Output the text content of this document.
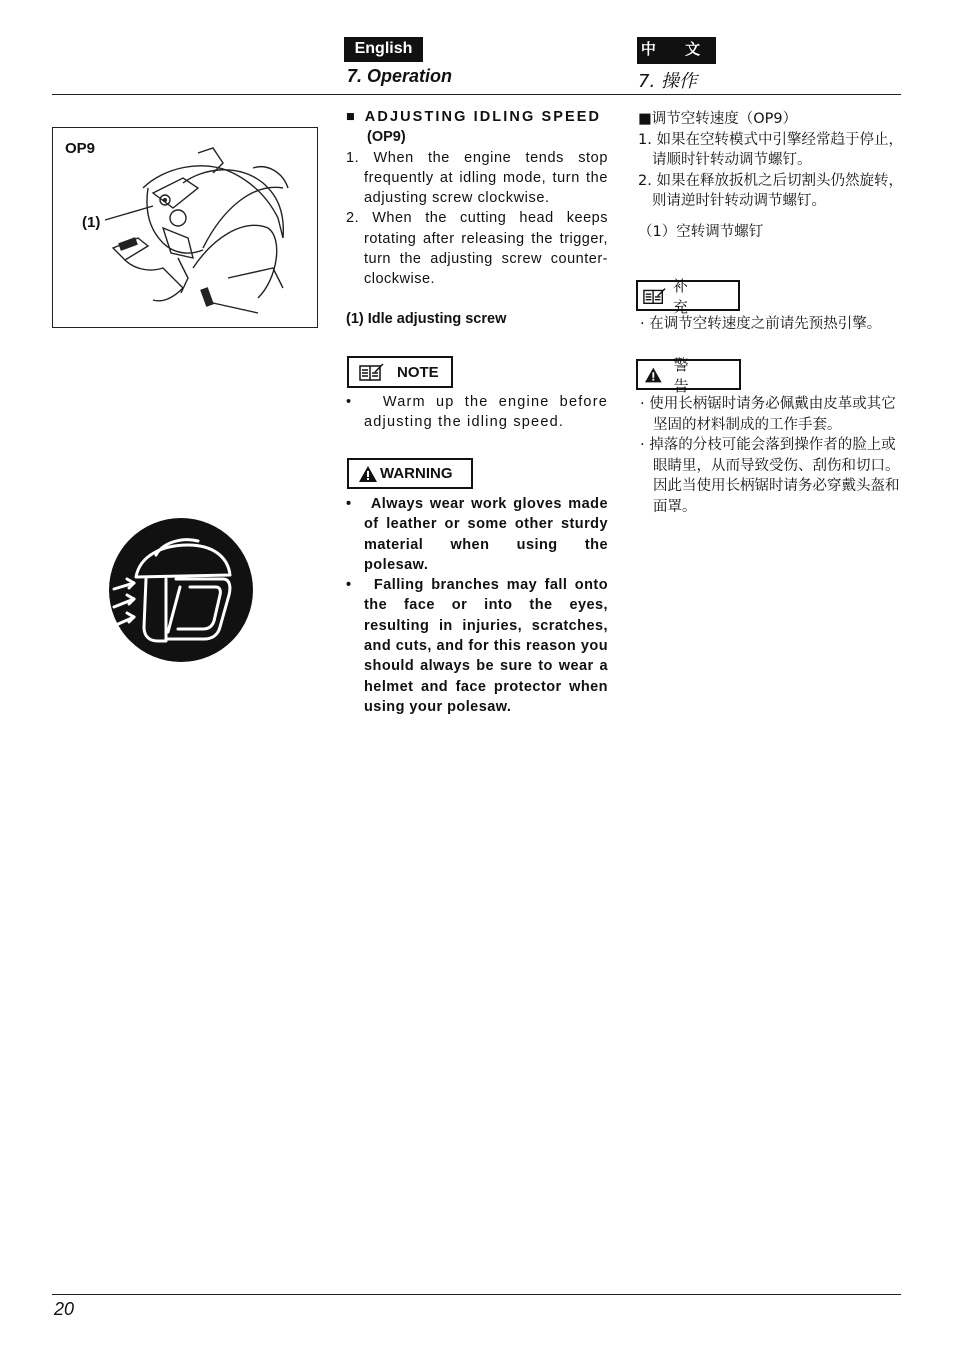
English
7. Operation
中 文
7. 操作
OP9
(1)
■ ADJUSTING IDLING SPEED
(OP9)

1. When the engine tends stop frequently at idling mode, turn the adjusting screw clockwise.

2. When the cutting head keeps rotating after releasing the trigger, turn the adjusting screw counter-clockwise.

(1) Idle adjusting screw
NOTE

•   Warm up the engine before adjusting the idling speed.

WARNING

•   Always wear work gloves made of leather or some other sturdy material when using the polesaw.

•   Falling branches may fall onto the face or into the eyes, resulting in injuries, scratches, and cuts, and for this reason you should always be sure to wear a helmet and face protector when using your polesaw.

■调节空转速度（OP9）

1. 如果在空转模式中引擎经常趋于停止，请顺时针转动调节螺钉。

2. 如果在释放扳机之后切割头仍然旋转， 则请逆时针转动调节螺钉。

（1）空转调节螺钉
补 充
· 在调节空转速度之前请先预热引擎。
警 告

· 使用长柄锯时请务必佩戴由皮革或其它坚固的材料制成的工作手套。

· 掉落的分枝可能会落到操作者的脸上或眼睛里，从而导致受伤、刮伤和切口。因此当使用长柄锯时请务必穿戴头盔和面罩。

20
